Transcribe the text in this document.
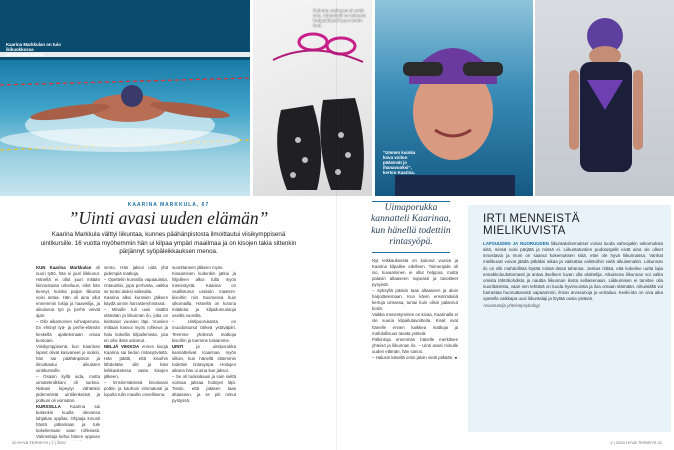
Kaarina Markkulan on tuio ikikuokkossa uintimestaruskeis.
Paluuta entiseen ei enää tule. Uimahalli on toisena kotipaikkani kaan lemin heti.
“Ummm kuinka kova voiton pääsevät jo ihanavuoksi”, kertoo Kaarina.
KAARINA MARKKULA, 67
”Uinti avasi uuden elämän”
Kaarina Markkula välttyi liikuntaa, kunnes päähänpistosta ilmoittautui viisikymppisenä uintikursille. 16 vuotta myöhemmin hän ui kilpaa ympäri maailmaa ja on kisojen takia sittenkin pärjännyt syöpäleikkauksen menoa.

KUN Kaarina Markkulan oli nuori tyttö, hän ei juuri liikkunut. Hänellä ei ollut juuri mitään kiinnostusta urheiluun, eikä hän tiennyt, kuinka paljon liikunta voisi antaa. Hän oli aina ollut ennemmin lukija ja haaveilija, ja aikuisena työ ja perhe veivät ajan.

– Olin aikamoinen sohvaperuna. En ehtinyt tyä- ja perhe-elämän keskellä ajattelemaan omaa kuntoani.

Viisikymppisenä, kun Kaarinan lapset olivat kasvaneet jo isoiksi, hän sai päähänpiston ja ilmoittautui aikuisten uintikurssille.

– Osasin kyllä uida, mutta uimatekniikkani oli surkea. Niskani kipeytyi vähänkin pidemmistä uintilenkeistä ja potkuni oli voimaton.

KURSSILLA Kaarina sai kuitenkin kuulla olevansa lahjakas oppilas. Ohjaaja innosti häntä jatkamaan ja tule kokeilemaan vaan rohkeasti. Valmentaja kehui hänen oppivan

sento. Hän jaksoi uida yhä pidempiä matkoja.

– Opettelin kurssilla vapaauintia, rintauintia, jopa perhosta, vaikka se tuntui aluksi vaikealta.

Kaarina alkoi kurssien jälkeen käydä uinnin harrasteryhmässä.

– Minulle tuli uusi sisältö elämään ja liikunnan ilo, joka on kantanut vuosien läpi. Vuosien mittaan kasvoi myös rohkeus ja halu kokeilla kilpailemista, jota en olisi ikinä uskonut.

NELJÄ VIIKKOA ennen kisoja Kaarina sai tiedon rintasyövästä. Hän päätti, että kisoihin lähdetään silti ja kävi leikkauksessa vasta kisojen jälkeen.

– Ensimmäisissä kisoissani potkin ja kauhoin vimmatusti ja lopulta tulin maaliin onnellisena.

suorittaneen jälkeen myös.

Kisaaminen kuitenkin jatkui ja hiljalleen alkoi tulla myös menestystä. Kaarina on osallistunut useisiin masters-kisoihin niin Suomessa kuin ulkomailla. Hänellä on kotona mitaleita ja kilpailumuistoja useilta vuosilta.

– Uintipoorukasta on muodostunut tärkeä ystäväpiiri. Teemme yhdessä matkoja kisoihin ja tuemme toisiamme.

UINTI ja uintiporukka kannattelivat Kaarinaa myös silloin, kun hänellä sittemmin todettiin rintasyöpä. Hoitojen aikana hän ui aina kun jaksoi.

– Se oli tuokiokausi ja sain sieltä voimaa jaksaa hoitojen läpi. Tiesin, että pääsen taas altaaseen, ja se piti minut pystyssä.

Nyt leikkauksesta on kulunut vuosia ja Kaarina kilpailee edelleen. Toimenpide oli iso, kuvaaminen ei ollut helppoa, mutta palasin altaaseen nopeasti ja tavoitteet pysyivät.

– Syksyllä pääsin taas altaaseen ja aloin harjoittelemaan. Kun kävin ensimmäisiä kertoja uimassa, tuntui kuin olisin palannut kotiin.

Vaikka menestyminen on kivaa, Kaarinalla ei ole suuria kilpailutavoitteita. Kisat ovat hänelle ennen kaikkea matkoja ja mahdollisuus tavata ystäviä.

Palkintoja enemmän hänelle merkitsee yhteisö ja liikunnan ilo. – Uinti avasi minulle uuden elämän, hän sanoo.

– Halusin kävellä omin jaloin vielä pitkään. ●

Uimaporukka kannatteli Kaarinaa, kun hänellä todettiin rintasyöpä.
IRTI MENNEISTÄ MIELIKUVISTA
LAPSUUDEN JA NUORUUDEN liikuntakokemukset voivat luoda vahvojakin uskomuksia siitä, missä voisi pärjätä ja missä ei. Liikuntatuntien pudotuspelit eivät aina ole olleet innostavia ja moni on saanut kokemuksen siitä, ettei ole hyvä liikunnassa. Vanhat mielikuvat voivat jäädä pitkäksi aikaa ja vaikuttaa valintoihin vielä aikuisenakin. Liikunnan ilo on silti mahdollista löytää missä iässä tahansa. Joskus riittää, että kokeilee uutta lajia ennakkoluulottomasti ja antaa itselleen luvan olla aloittelija. Aikuisena liikunnan voi valita omista lähtökohdista ja nauttia liikunnan ilosta sellaisenaan. Liikkumisen ei tarvitse olla suorittamista, vaan sen tehtävä on tuoda hyvinvointia ja iloa omaan elämään. Aikuisiällä voi harrastaa huomattavasti vapaammin, ilman arvosanoja ja vertailua. Keski-iän on oiva aika opetella vaikkapa uusi liikuntalaji ja löytää uusia ystäviä.
Asiantuntija yhteisöpsykologi
20 HYVÄ TERVEYS | 2 | 2020	2 | 2020 HYVÄ TERVEYS 21
